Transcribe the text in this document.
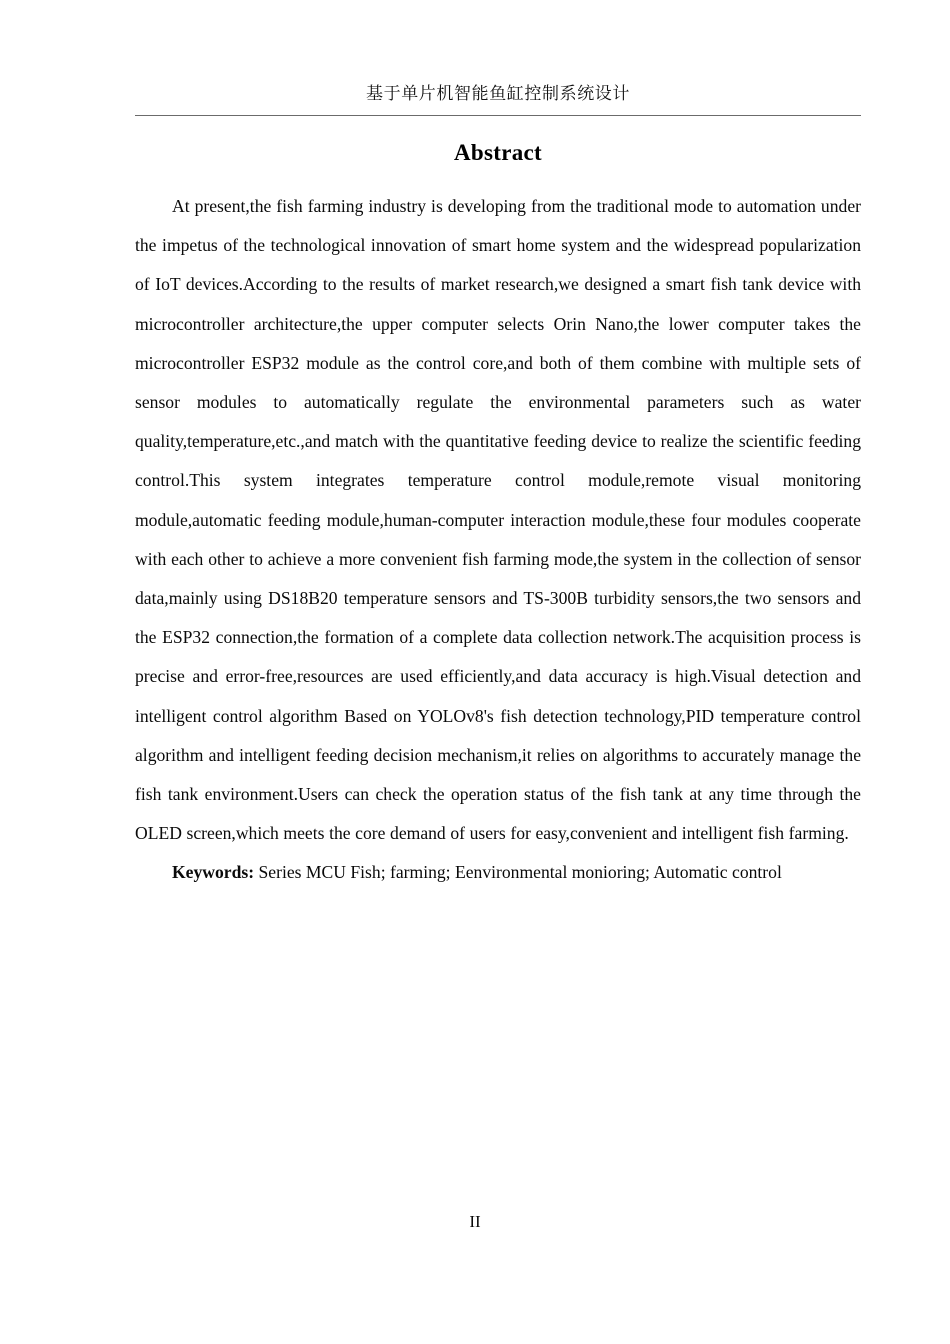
基于单片机智能鱼缸控制系统设计
Abstract
At present,the fish farming industry is developing from the traditional mode to automation under the impetus of the technological innovation of smart home system and the widespread popularization of IoT devices.According to the results of market research,we designed a smart fish tank device with microcontroller architecture,the upper computer selects Orin Nano,the lower computer takes the microcontroller ESP32 module as the control core,and both of them combine with multiple sets of sensor modules to automatically regulate the environmental parameters such as water quality,temperature,etc.,and match with the quantitative feeding device to realize the scientific feeding control.This system integrates temperature control module,remote visual monitoring module,automatic feeding module,human-computer interaction module,these four modules cooperate with each other to achieve a more convenient fish farming mode,the system in the collection of sensor data,mainly using DS18B20 temperature sensors and TS-300B turbidity sensors,the two sensors and the ESP32 connection,the formation of a complete data collection network.The acquisition process is precise and error-free,resources are used efficiently,and data accuracy is high.Visual detection and intelligent control algorithm Based on YOLOv8's fish detection technology,PID temperature control algorithm and intelligent feeding decision mechanism,it relies on algorithms to accurately manage the fish tank environment.Users can check the operation status of the fish tank at any time through the OLED screen,which meets the core demand of users for easy,convenient and intelligent fish farming.
Keywords: Series MCU Fish; farming; Eenvironmental monioring; Automatic control
II
